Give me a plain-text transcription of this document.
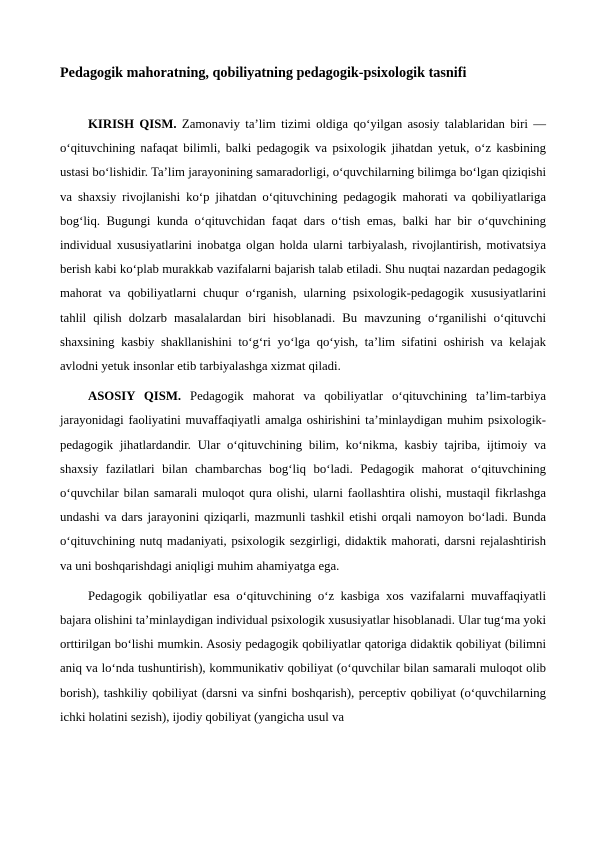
Pedagogik mahoratning, qobiliyatning pedagogik-psixologik tasnifi

KIRISH QISM. Zamonaviy ta’lim tizimi oldiga qo‘yilgan asosiy talablaridan biri — o‘qituvchining nafaqat bilimli, balki pedagogik va psixologik jihatdan yetuk, o‘z kasbining ustasi bo‘lishidir. Ta’lim jarayonining samaradorligi, o‘quvchilarning bilimga bo‘lgan qiziqishi va shaxsiy rivojlanishi ko‘p jihatdan o‘qituvchining pedagogik mahorati va qobiliyatlariga bog‘liq. Bugungi kunda o‘qituvchidan faqat dars o‘tish emas, balki har bir o‘quvchining individual xususiyatlarini inobatga olgan holda ularni tarbiyalash, rivojlantirish, motivatsiya berish kabi ko‘plab murakkab vazifalarni bajarish talab etiladi. Shu nuqtai nazardan pedagogik mahorat va qobiliyatlarni chuqur o‘rganish, ularning psixologik-pedagogik xususiyatlarini tahlil qilish dolzarb masalalardan biri hisoblanadi. Bu mavzuning o‘rganilishi o‘qituvchi shaxsining kasbiy shakllanishini to‘g‘ri yo‘lga qo‘yish, ta’lim sifatini oshirish va kelajak avlodni yetuk insonlar etib tarbiyalashga xizmat qiladi.

ASOSIY QISM. Pedagogik mahorat va qobiliyatlar o‘qituvchining ta’lim-tarbiya jarayonidagi faoliyatini muvaffaqiyatli amalga oshirishini ta’minlaydigan muhim psixologik-pedagogik jihatlardandir. Ular o‘qituvchining bilim, ko‘nikma, kasbiy tajriba, ijtimoiy va shaxsiy fazilatlari bilan chambarchas bog‘liq bo‘ladi. Pedagogik mahorat o‘qituvchining o‘quvchilar bilan samarali muloqot qura olishi, ularni faollashtira olishi, mustaqil fikrlashga undashi va dars jarayonini qiziqarli, mazmunli tashkil etishi orqali namoyon bo‘ladi. Bunda o‘qituvchining nutq madaniyati, psixologik sezgirligi, didaktik mahorati, darsni rejalashtirish va uni boshqarishdagi aniqligi muhim ahamiyatga ega.

Pedagogik qobiliyatlar esa o‘qituvchining o‘z kasbiga xos vazifalarni muvaffaqiyatli bajara olishini ta’minlaydigan individual psixologik xususiyatlar hisoblanadi. Ular tug‘ma yoki orttirilgan bo‘lishi mumkin. Asosiy pedagogik qobiliyatlar qatoriga didaktik qobiliyat (bilimni aniq va lo‘nda tushuntirish), kommunikativ qobiliyat (o‘quvchilar bilan samarali muloqot olib borish), tashkiliy qobiliyat (darsni va sinfni boshqarish), perceptiv qobiliyat (o‘quvchilarning ichki holatini sezish), ijodiy qobiliyat (yangicha usul va
